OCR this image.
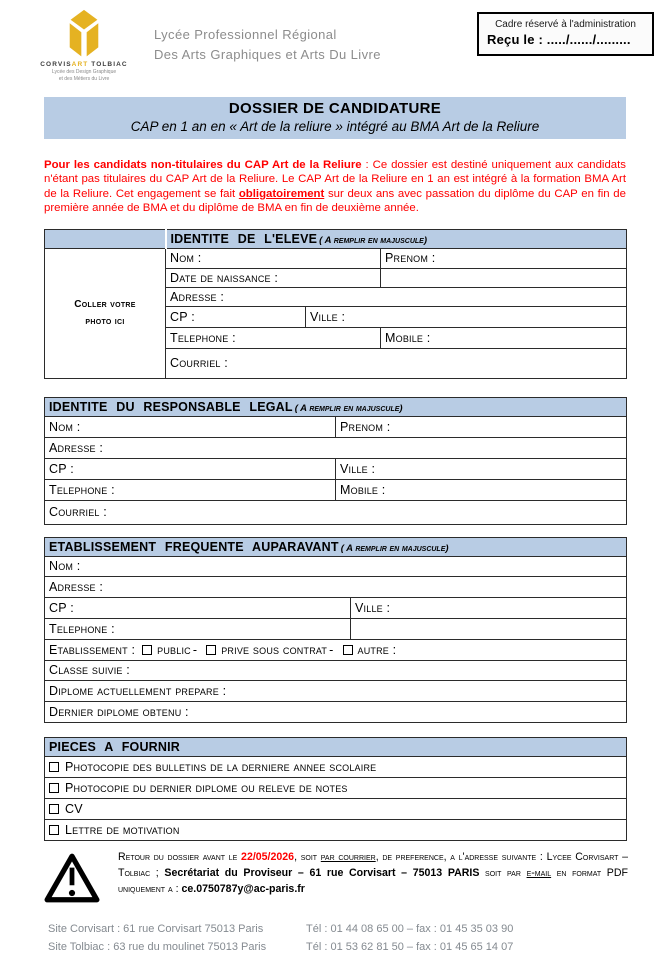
CORVISART TOLBIAC
Lycée des Design Graphique
et des Métiers du Livre
Lycée Professionnel Régional
Des Arts Graphiques et Arts Du Livre
Cadre réservé à l'administration
Reçu le : ...../....../.........
DOSSIER DE CANDIDATURE
CAP en 1 an en « Art de la reliure » intégré au BMA Art de la Reliure

Pour les candidats non-titulaires du CAP Art de la Reliure : Ce dossier est destiné uniquement aux candidats n'étant pas titulaires du CAP Art de la Reliure. Le CAP Art de la Reliure en 1 an est intégré à la formation BMA Art de la Reliure. Cet engagement se fait obligatoirement sur deux ans avec passation du diplôme du CAP en fin de première année de BMA et du diplôme de BMA en fin de deuxième année.

	IDENTITE DE L'ELEVE ( A remplir en majuscule)		

Coller votre
photo ici	Nom :		Prenom :
	Date de naissance :		
	Adresse :		
	CP :	Ville :	
	Telephone :		Mobile :
	Courriel :		
IDENTITE DU RESPONSABLE LEGAL ( A remplir en majuscule)	
Nom :	Prenom :
Adresse :	
CP :	Ville :
Telephone :	Mobile :
Courriel :	
ETABLISSEMENT FREQUENTE AUPARAVANT ( A remplir en majuscule)	
Nom :	
Adresse :	
CP :	Ville :
Telephone :	
Etablissement : public - prive sous contrat - autre :	
Classe suivie :	
Diplome actuellement prepare :	
Dernier diplome obtenu :	
PIECES A FOURNIR
Photocopie des bulletins de la derniere annee scolaire
Photocopie du dernier diplome ou releve de notes
CV
Lettre de motivation

Retour du dossier avant le 22/05/2026, soit par courrier, de preference, a l'adresse suivante : Lycee Corvisart – Tolbiac ; Secrétariat du Proviseur – 61 rue Corvisart – 75013 PARIS soit par e-mail en format PDF uniquement a : ce.0750787y@ac-paris.fr

Site Corvisart : 61 rue Corvisart 75013 Paris	Tél : 01 44 08 65 00 – fax : 01 45 35 03 90
Site Tolbiac : 63 rue du moulinet 75013 Paris	Tél : 01 53 62 81 50 – fax : 01 45 65 14 07
